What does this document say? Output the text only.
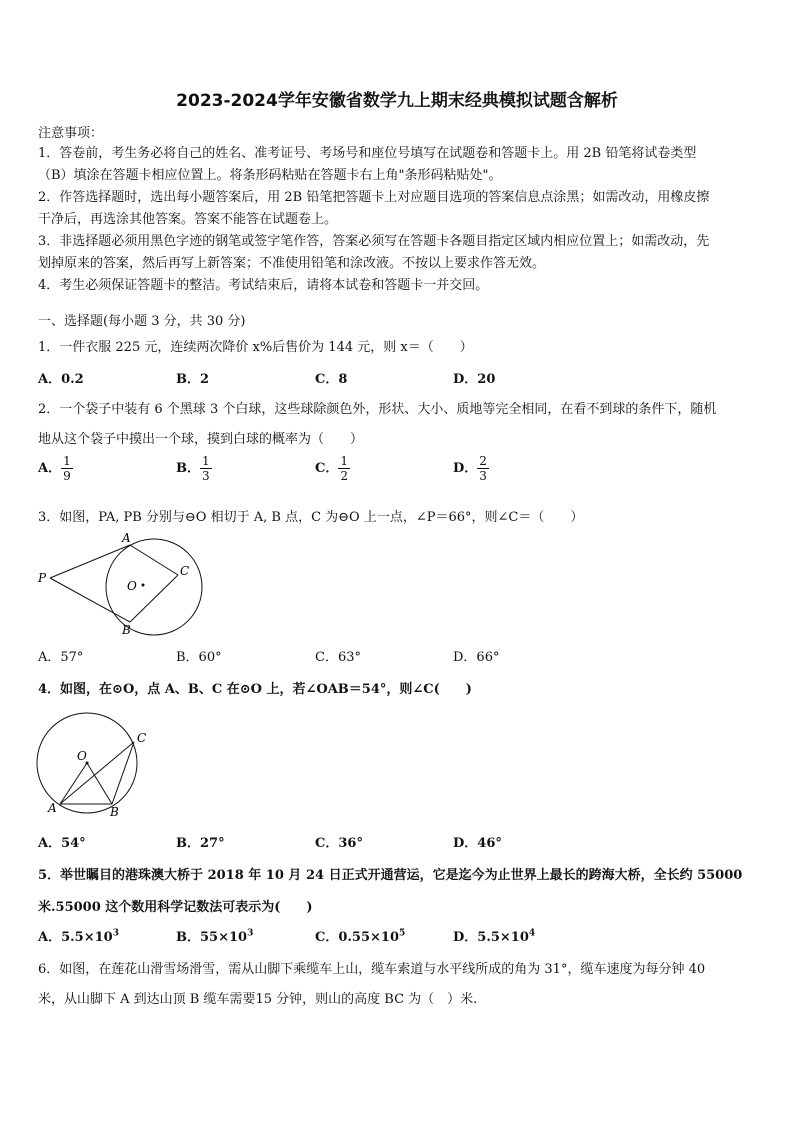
2023-2024学年安徽省数学九上期末经典模拟试题含解析
注意事项：
1．答卷前，考生务必将自己的姓名、准考证号、考场号和座位号填写在试题卷和答题卡上。用 2B 铅笔将试卷类型
（B）填涂在答题卡相应位置上。将条形码粘贴在答题卡右上角"条形码粘贴处"。
2．作答选择题时，选出每小题答案后，用 2B 铅笔把答题卡上对应题目选项的答案信息点涂黑；如需改动，用橡皮擦
干净后，再选涂其他答案。答案不能答在试题卷上。
3．非选择题必须用黑色字迹的钢笔或签字笔作答，答案必须写在答题卡各题目指定区域内相应位置上；如需改动，先
划掉原来的答案，然后再写上新答案；不准使用铅笔和涂改液。不按以上要求作答无效。
4．考生必须保证答题卡的整洁。考试结束后，请将本试卷和答题卡一并交回。
一、选择题(每小题 3 分，共 30 分)
1．一件衣服 225 元，连续两次降价 x%后售价为 144 元，则 x＝（　　）
A．0.2	B．2	C．8	D．20
2．一个袋子中装有 6 个黑球 3 个白球，这些球除颜色外，形状、大小、质地等完全相同，在看不到球的条件下，随机
地从这个袋子中摸出一个球，摸到白球的概率为（　　）
A． $\frac{1}{9}$	B． $\frac{1}{3}$	C． $\frac{1}{2}$	D． $\frac{2}{3}$
3．如图，PA, PB 分别与⊖O 相切于 A, B 点，C 为⊖O 上一点，∠P＝66°，则∠C＝（　　）
P
A
B
C
O
A．57°	B．60°	C．63°	D．66°
4．如图，在⊙O，点 A、B、C 在⊙O 上，若∠OAB＝54°，则∠C(　　)
O
A	B
C
A．54°	B．27°	C．36°	D．46°
5．举世瞩目的港珠澳大桥于 2018 年 10 月 24 日正式开通营运，它是迄今为止世界上最长的跨海大桥，全长约 55000
米.55000 这个数用科学记数法可表示为(　　)
A．$5.5\times 10^3$	B．$55\times 10^3$	C．$0.55\times 10^5$	D．$5.5\times 10^4$
6．如图，在莲花山滑雪场滑雪，需从山脚下乘缆车上山，缆车索道与水平线所成的角为 31°，缆车速度为每分钟 40
米，从山脚下 A 到达山顶 B 缆车需要15 分钟，则山的高度 BC 为（　）米.
